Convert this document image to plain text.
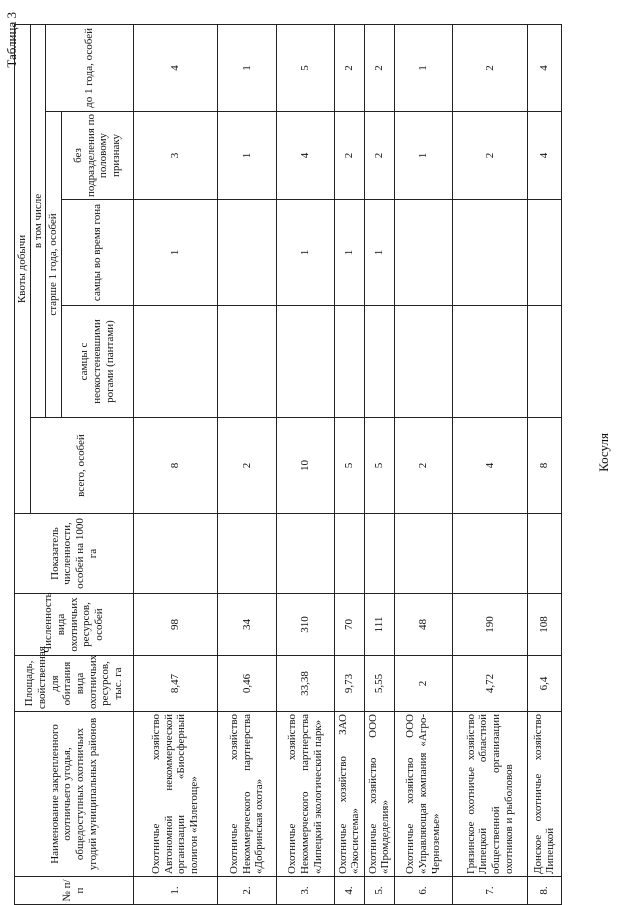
Таблица 3
Косуля
№ п/п	Наименование закрепленного охотничьего угодья, общедоступных охотничьих угодий муниципальных районов	Площадь, свойственная для обитания вида охотничьих ресурсов, тыс. га	Численность вида охотничьих ресурсов, особей	Показатель численности, особей на 1000 га	Квоты добычи				
					всего, особей	в том числе			
						старше 1 года, особей			до 1 года, особей
						самцы с неокостеневшими рогами (пантами)	самцы во время гона	без подразделения по половому признаку	
1.	Охотничье хозяйство Автономной некоммерческой организации «Биосферный полигон «Излегоще»	8,47	98		8		1	3	4
2.	Охотничье хозяйство Некоммерческого партнерства «Добринская охота»	0,46	34		2			1	1
3.	Охотничье хозяйство Некоммерческого партнерства «Липецкий экологический парк»	33,38	310		10		1	4	5
4.	Охотничье хозяйство ЗАО «Экосистема»	9,73	70		5		1	2	2
5.	Охотничье хозяйство ООО «Промдеделия»	5,55	111		5		1	2	2
6.	Охотничье хозяйство ООО «Управляющая компания «Агро-Черноземье»	2	48		2			1	1
7.	Грязинское охотничье хозяйство Липецкой областной общественной организации охотников и рыболовов	4,72	190		4			2	2
8.	Донское охотничье хозяйство Липецкой	6,4	108		8			4	4
